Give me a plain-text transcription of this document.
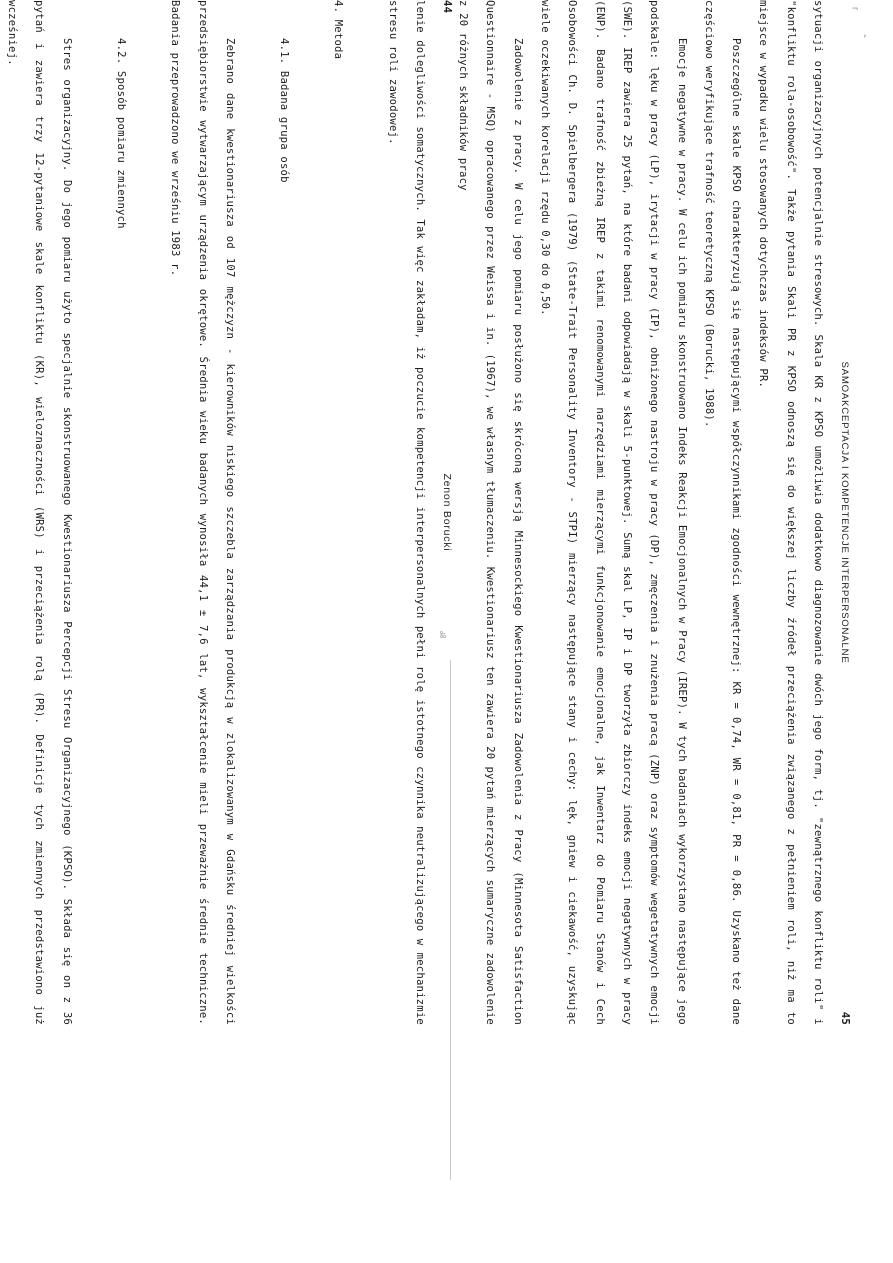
¬
,
‰
44
Zenon Borucki

lenie dolegliwości somatycznych. Tak więc zakładam, iż poczucie kompetencji interpersonalnych pełni rolę istotnego czynnika neutralizującego w mechanizmie stresu roli zawodowej.

4. Metoda

4.1. Badana grupa osób

Zebrano dane kwestionariusza od 107 mężczyzn - kierowników niskiego szczebla zarządzania produkcją w zlokalizowanym w Gdańsku średniej wielkości przedsiębiorstwie wytwarzającym urządzenia okrętowe. Średnia wieku badanych wynosiła 44,1 ± 7,6 lat, wykształcenie mieli przeważnie średnie techniczne. Badania przeprowadzono we wrześniu 1983 r.

4.2. Sposób pomiaru zmiennych

Stres organizacyjny. Do jego pomiaru użyto specjalnie skonstruowanego Kwestionariusza Percepcji Stresu Organizacyjnego (KPSO). Składa się on z 36 pytań i zawiera trzy 12-pytaniowe skale konfliktu (KR), wieloznaczności (WRS) i przeciążenia rolą (PR). Definicje tych zmiennych przedstawiono już wcześniej.

SAMOAKCEPTACJA I KOMPETENCJE INTERPERSONALNE
45

sytuacji organizacyjnych potencjalnie stresowych. Skala KR z KPSO umożliwia dodatkowo diagnozowanie dwóch jego form, tj. "zewnątrznego konfliktu roli" i "konfliktu rola-osobowość". Także pytania Skali PR z KPSO odnoszą się do większej liczby źródeł przeciążenia związanego z pełnieniem roli, niż ma to miejsce w wypadku wielu stosowanych dotychczas indeksów PR.

Poszczególne skale KPSO charakteryzują się następującymi współczynnikami zgodności wewnętrznej: KR = 0,74, WR = 0,81, PR = 0,86. Uzyskano też dane częściowo weryfikujące trafność teoretyczną KPSO (Borucki, 1988).

Emocje negatywne w pracy. W celu ich pomiaru skonstruowano Indeks Reakcji Emocjonalnych w Pracy (IREP). W tych badaniach wykorzystano następujące jego podskale: lęku w pracy (LP), irytacji w pracy (IP), obniżonego nastroju w pracy (DP), zmęczenia i znużenia pracą (ZNP) oraz symptomów wegetatywnych emocji (SWE). IREP zawiera 25 pytań, na które badani odpowiadają w skali 5-punktowej. Sumą skal LP, IP i DP tworzyła zbiorczy indeks emocji negatywnych w pracy (ENP). Badano trafność zbieżną IREP z takimi renomowanymi narzędziami mierzącymi funkcjonowanie emocjonalne, jak Inwentarz do Pomiaru Stanów i Cech Osobowości Ch. D. Spielbergera (1979) (State-Trait Personality Inventory - STPI) mierzący następujące stany i cechy: lęk, gniew i ciekawość, uzyskując wiele oczekiwanych korelacji rzędu 0,30 do 0,50.

Zadowolenie z pracy. W celu jego pomiaru posłużono się skróconą wersją Minnesockiego Kwestionariusza Zadowolenia z Pracy (Minnesota Satisfaction Questionnaire - MSQ) opracowanego przez Weissa i in. (1967), we własnym tłumaczeniu. Kwestionariusz ten zawiera 20 pytań mierzących sumaryczne zadowolenie z 20 różnych składników pracy
